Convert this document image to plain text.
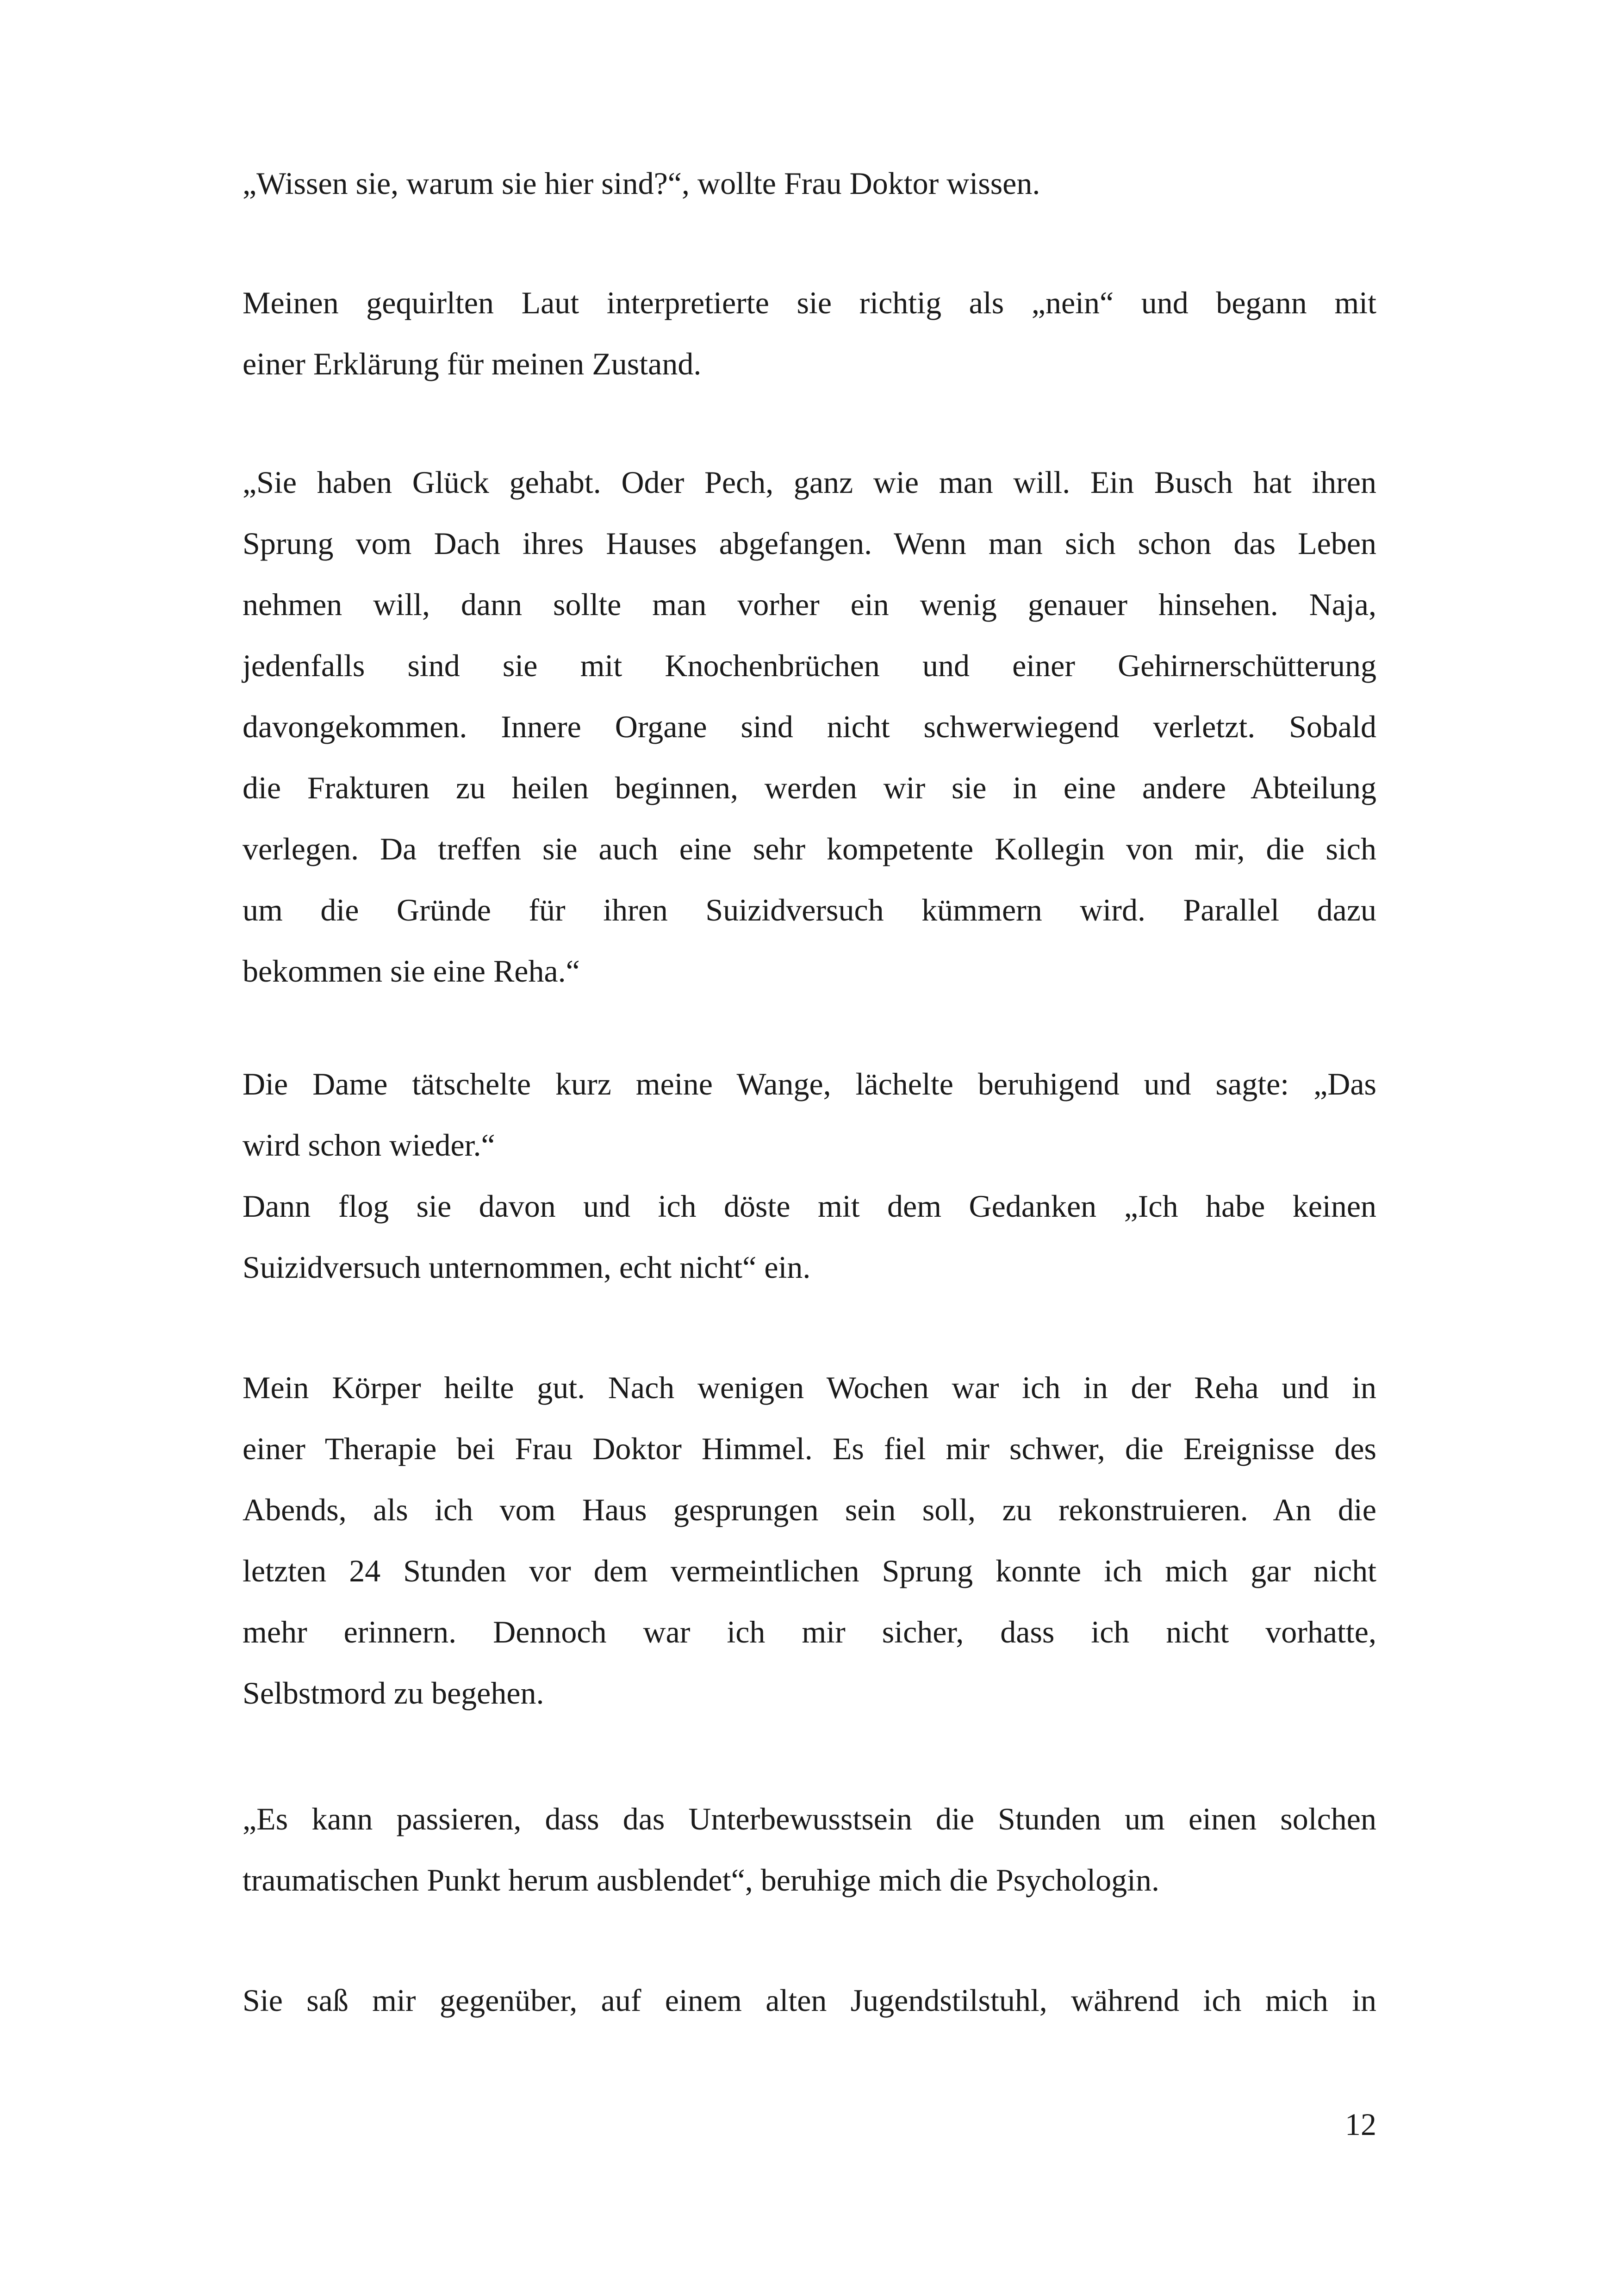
„Wissen sie, warum sie hier sind?“, wollte Frau Doktor wissen.
Meinen gequirlten Laut interpretierte sie richtig als „nein“ und begann mit
einer Erklärung für meinen Zustand.
„Sie haben Glück gehabt. Oder Pech, ganz wie man will. Ein Busch hat ihren
Sprung vom Dach ihres Hauses abgefangen. Wenn man sich schon das Leben
nehmen will, dann sollte man vorher ein wenig genauer hinsehen. Naja,
jedenfalls sind sie mit Knochenbrüchen und einer Gehirnerschütterung
davongekommen. Innere Organe sind nicht schwerwiegend verletzt. Sobald
die Frakturen zu heilen beginnen, werden wir sie in eine andere Abteilung
verlegen. Da treffen sie auch eine sehr kompetente Kollegin von mir, die sich
um die Gründe für ihren Suizidversuch kümmern wird. Parallel dazu
bekommen sie eine Reha.“
Die Dame tätschelte kurz meine Wange, lächelte beruhigend und sagte: „Das
wird schon wieder.“
Dann flog sie davon und ich döste mit dem Gedanken „Ich habe keinen
Suizidversuch unternommen, echt nicht“ ein.
Mein Körper heilte gut. Nach wenigen Wochen war ich in der Reha und in
einer Therapie bei Frau Doktor Himmel. Es fiel mir schwer, die Ereignisse des
Abends, als ich vom Haus gesprungen sein soll, zu rekonstruieren. An die
letzten 24 Stunden vor dem vermeintlichen Sprung konnte ich mich gar nicht
mehr erinnern. Dennoch war ich mir sicher, dass ich nicht vorhatte,
Selbstmord zu begehen.
„Es kann passieren, dass das Unterbewusstsein die Stunden um einen solchen
traumatischen Punkt herum ausblendet“, beruhige mich die Psychologin.
Sie saß mir gegenüber, auf einem alten Jugendstilstuhl, während ich mich in
12
